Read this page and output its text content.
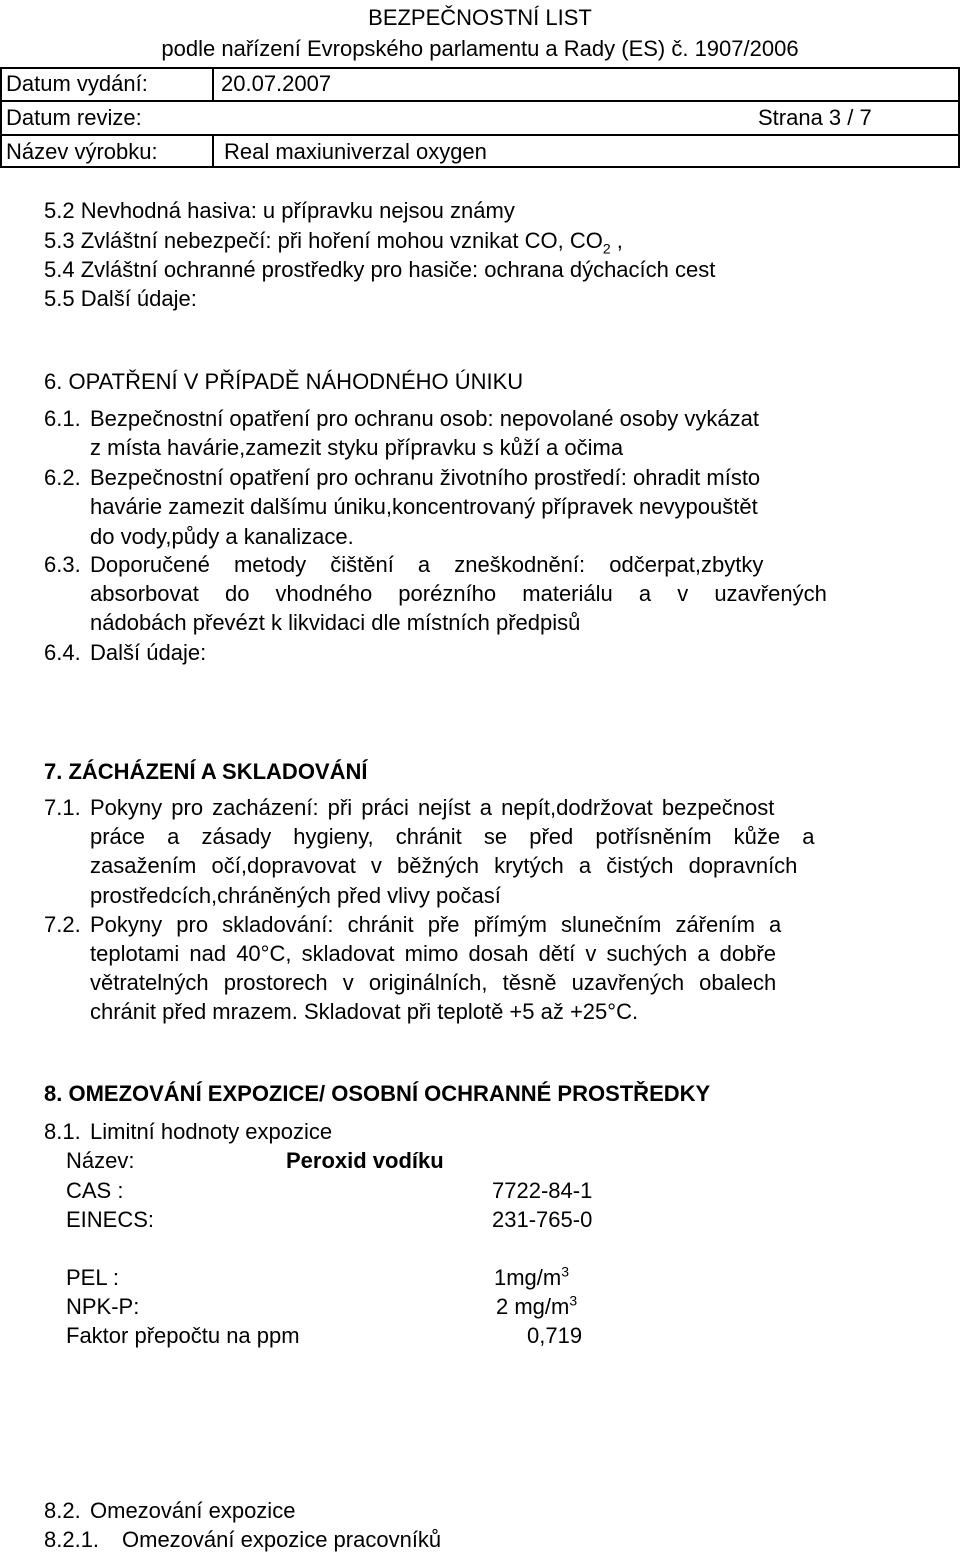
BEZPEČNOSTNÍ LIST
podle nařízení Evropského parlamentu a Rady (ES) č. 1907/2006
Datum vydání:	20.07.2007
Datum revize:	Strana 3 / 7
Název výrobku:	Real maxiuniverzal oxygen
5.2 Nevhodná hasiva: u přípravku nejsou známy
5.3 Zvláštní nebezpečí: při hoření mohou vznikat CO, $CO_2$ ,
5.4 Zvláštní ochranné prostředky pro hasiče: ochrana dýchacích cest
5.5 Další údaje:
6. OPATŘENÍ V PŘÍPADĚ NÁHODNÉHO ÚNIKU
6.1. Bezpečnostní opatření pro ochranu osob: nepovolané osoby vykázat
z místa havárie,zamezit styku přípravku s kůží a očima
6.2. Bezpečnostní opatření pro ochranu životního prostředí: ohradit místo
havárie zamezit dalšímu úniku,koncentrovaný přípravek nevypouštět
do vody,půdy a kanalizace.
6.3. Doporučené metody čištění a zneškodnění: odčerpat,zbytky
absorbovat do vhodného porézního materiálu a v uzavřených
nádobách převézt k likvidaci dle místních předpisů
6.4. Další údaje:
7. ZÁCHÁZENÍ A SKLADOVÁNÍ
7.1. Pokyny pro zacházení: při práci nejíst a nepít,dodržovat bezpečnost
práce a zásady hygieny, chránit se před potřísněním kůže a
zasažením očí,dopravovat v běžných krytých a čistých dopravních
prostředcích,chráněných před vlivy počasí
7.2. Pokyny pro skladování: chránit pře přímým slunečním zářením a
teplotami nad 40°C, skladovat mimo dosah dětí v suchých a dobře
větratelných prostorech v originálních, těsně uzavřených obalech
chránit před mrazem. Skladovat při teplotě +5 až +25°C.
8. OMEZOVÁNÍ EXPOZICE/ OSOBNÍ OCHRANNÉ PROSTŘEDKY
8.1. Limitní hodnoty expozice
Název:	Peroxid vodíku
CAS :	7722-84-1
EINECS:	231-765-0
PEL :	$1mg/m^3$
NPK-P:	2 $mg/m^3$
Faktor přepočtu na ppm	0,719
8.2. Omezování expozice
8.2.1. Omezování expozice pracovníků
